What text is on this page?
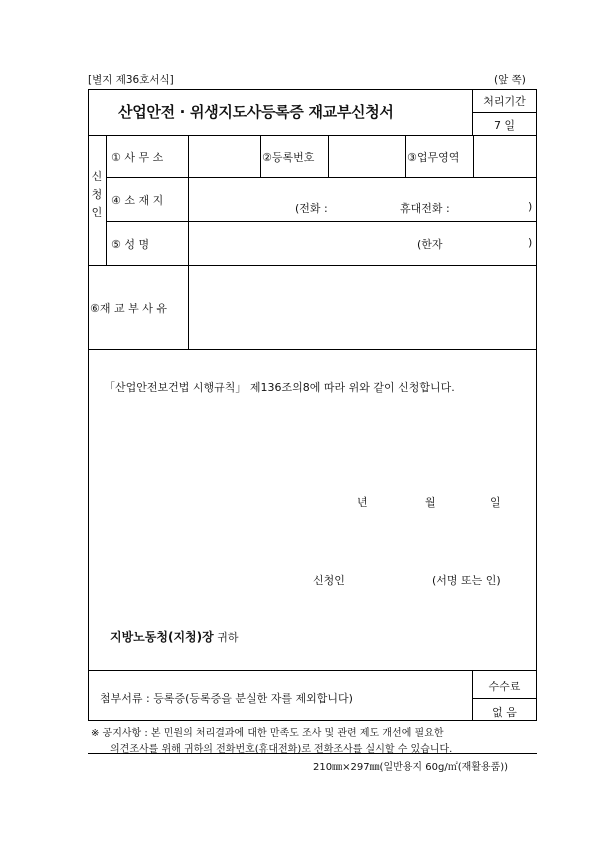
[별지 제36호서식]	(앞 쪽)
산업안전 · 위생지도사등록증 재교부신청서
처리기간
7 일
신
청
인
① 사 무 소	②등록번호	③업무영역
④ 소 재 지
(전화 :	휴대전화 :	)
⑤ 성 명	(한자	)
⑥재 교 부 사 유
「산업안전보건법 시행규칙」 제136조의8에 따라 위와 같이 신청합니다.
년	월	일
신청인	(서명 또는 인)
지방노동청(지청)장 귀하
첨부서류 : 등록증(등록증을 분실한 자를 제외합니다)
수수료
없 음
※ 공지사항 : 본 민원의 처리결과에 대한 만족도 조사 및 관련 제도 개선에 필요한
의견조사를 위해 귀하의 전화번호(휴대전화)로 전화조사를 실시할 수 있습니다.
210㎜×297㎜(일반용지 60g/㎡(재활용품))
